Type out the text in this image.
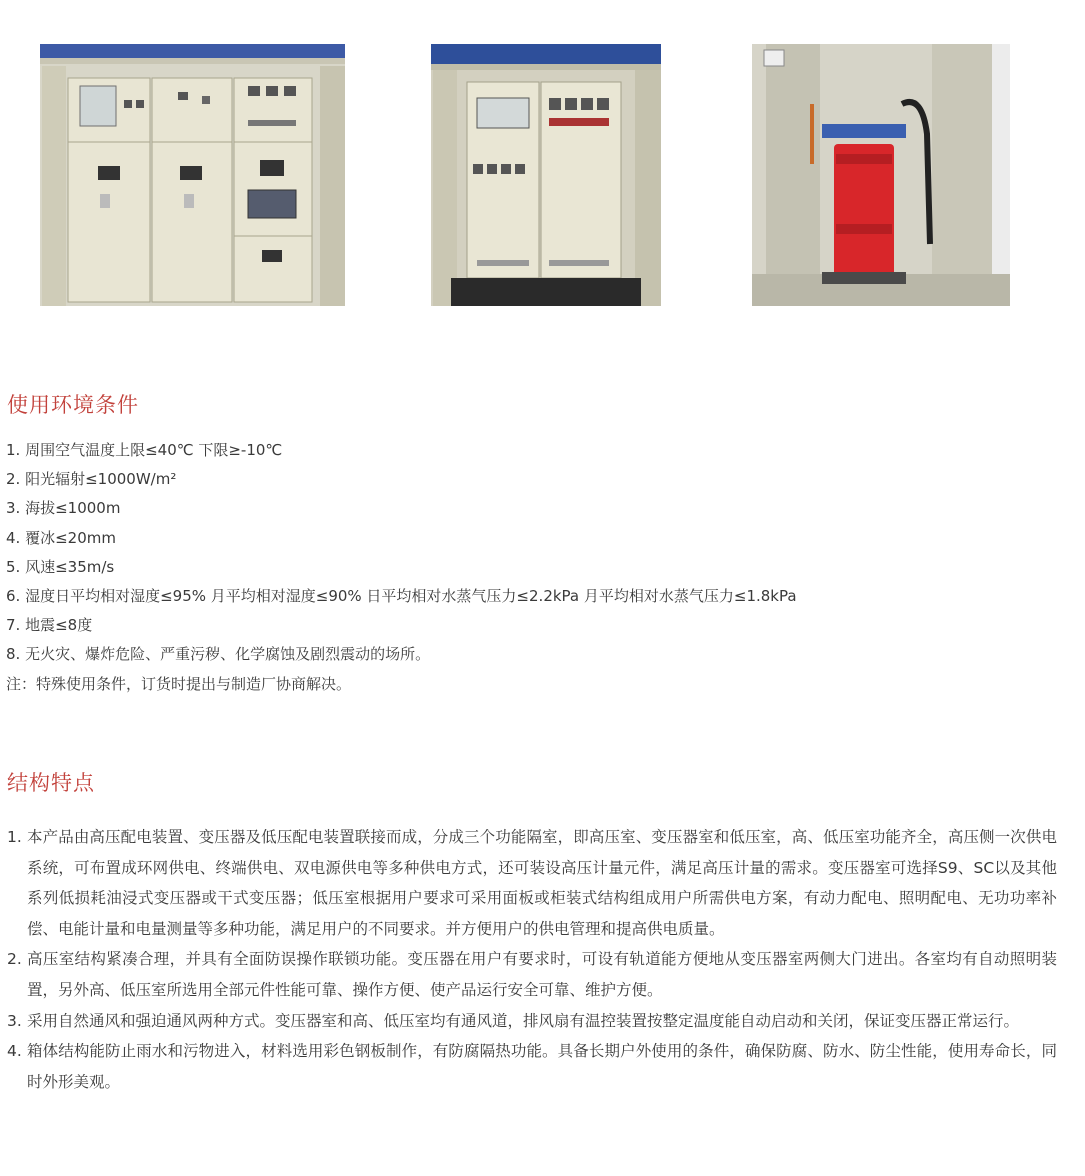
使用环境条件
1. 周围空气温度上限≤40℃ 下限≥-10℃
2. 阳光辐射≤1000W/m²
3. 海拔≤1000m
4. 覆冰≤20mm
5. 风速≤35m/s
6. 湿度日平均相对湿度≤95% 月平均相对湿度≤90% 日平均相对水蒸气压力≤2.2kPa 月平均相对水蒸气压力≤1.8kPa
7. 地震≤8度
8. 无火灾、爆炸危险、严重污秽、化学腐蚀及剧烈震动的场所。
注：特殊使用条件，订货时提出与制造厂协商解决。
结构特点
1. 本产品由高压配电装置、变压器及低压配电装置联接而成，分成三个功能隔室，即高压室、变压器室和低压室，高、低压室功能齐全，高压侧一次供电系统，可布置成环网供电、终端供电、双电源供电等多种供电方式，还可装设高压计量元件，满足高压计量的需求。变压器室可选择S9、SC以及其他系列低损耗油浸式变压器或干式变压器；低压室根据用户要求可采用面板或柜装式结构组成用户所需供电方案，有动力配电、照明配电、无功功率补偿、电能计量和电量测量等多种功能，满足用户的不同要求。并方便用户的供电管理和提高供电质量。
2. 高压室结构紧凑合理，并具有全面防误操作联锁功能。变压器在用户有要求时，可设有轨道能方便地从变压器室两侧大门进出。各室均有自动照明装置，另外高、低压室所选用全部元件性能可靠、操作方便、使产品运行安全可靠、维护方便。
3. 采用自然通风和强迫通风两种方式。变压器室和高、低压室均有通风道，排风扇有温控装置按整定温度能自动启动和关闭，保证变压器正常运行。
4. 箱体结构能防止雨水和污物进入，材料选用彩色钢板制作，有防腐隔热功能。具备长期户外使用的条件，确保防腐、防水、防尘性能，使用寿命长，同时外形美观。
